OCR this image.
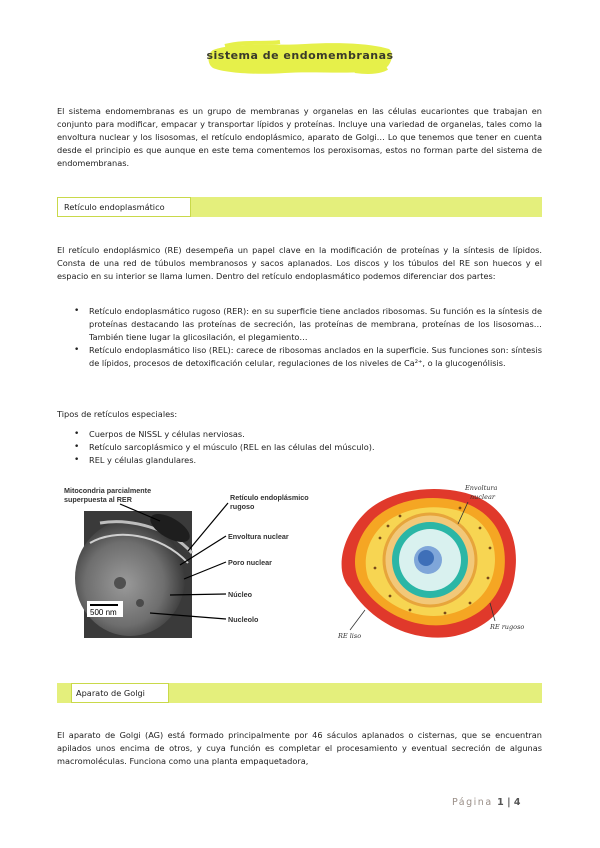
sistema de endomembranas

El sistema endomembranas es un grupo de membranas y organelas en las células eucariontes que trabajan en conjunto para modificar, empacar y transportar lípidos y proteínas. Incluye una variedad de organelas, tales como la envoltura nuclear y los lisosomas, el retículo endoplásmico, aparato de Golgi… Lo que tenemos que tener en cuenta desde el principio es que aunque en este tema comentemos los peroxisomas, estos no forman parte del sistema de endomembranas.

Retículo endoplasmático

El retículo endoplásmico (RE) desempeña un papel clave en la modificación de proteínas y la síntesis de lípidos. Consta de una red de túbulos membranosos y sacos aplanados. Los discos y los túbulos del RE son huecos y el espacio en su interior se llama lumen. Dentro del retículo endoplasmático podemos diferenciar dos partes:

• Retículo endoplasmático rugoso (RER): en su superficie tiene anclados ribosomas. Su función es la síntesis de proteínas destacando las proteínas de secreción, las proteínas de membrana, proteínas de los lisosomas… También tiene lugar la glicosilación, el plegamiento…
• Retículo endoplasmático liso (REL): carece de ribosomas anclados en la superficie. Sus funciones son: síntesis de lípidos, procesos de detoxificación celular, regulaciones de los niveles de Ca²⁺, o la glucogenólisis.

Tipos de retículos especiales:

• Cuerpos de NISSL y células nerviosas.
• Retículo sarcoplásmico y el músculo (REL en las células del músculo).
• REL y células glandulares.
500 nm
Mitocondria parcialmente
superpuesta al RER	Retículo endoplásmico
rugoso
Envoltura nuclear
Poro nuclear
Núcleo
Nucleolo
Envoltura
nuclear
RE rugoso
RE liso
Aparato de Golgi

El aparato de Golgi (AG) está formado principalmente por 46 sáculos aplanados o cisternas, que se encuentran apilados unos encima de otros, y cuya función es completar el procesamiento y eventual secreción de algunas macromoléculas. Funciona como una planta empaquetadora,

Página 1 | 4
